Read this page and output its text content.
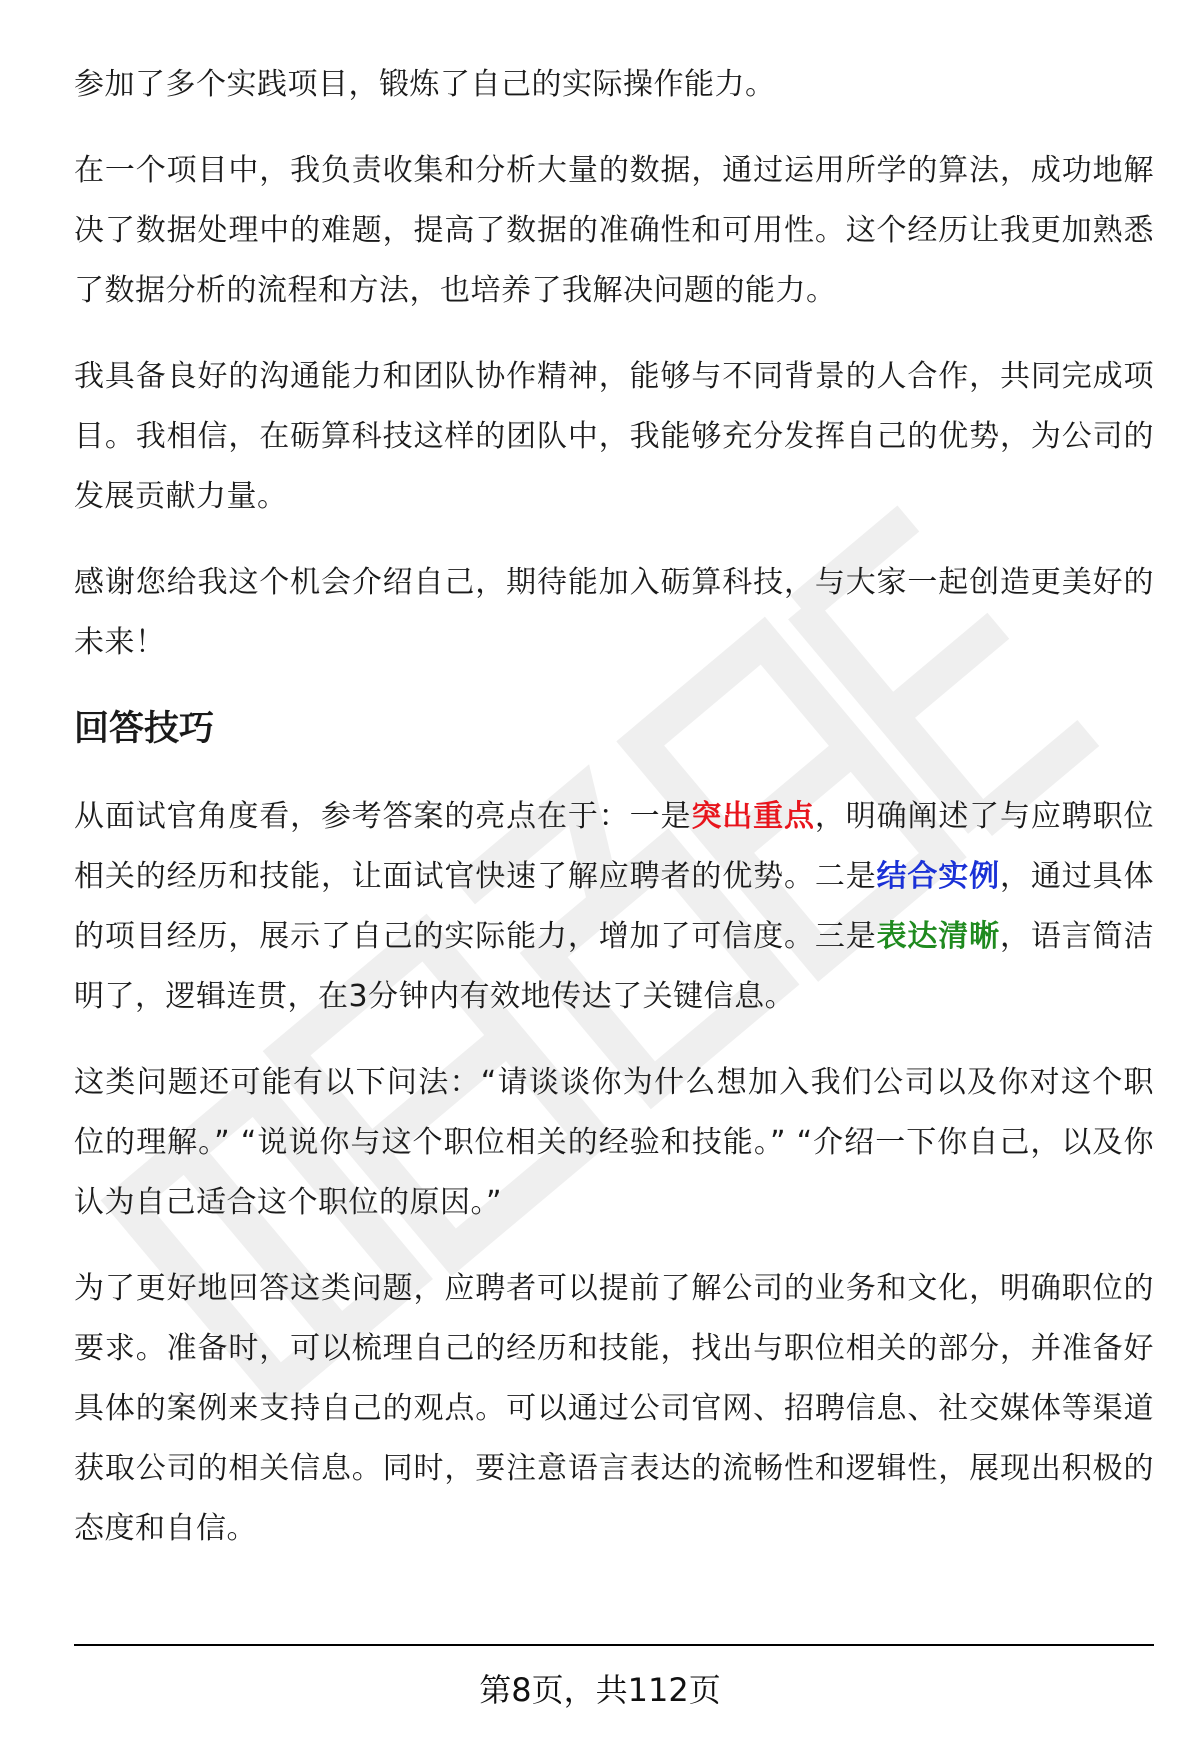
参加了多个实践项目，锻炼了自己的实际操作能力。

在一个项目中，我负责收集和分析大量的数据，通过运用所学的算法，成功地解决了数据处理中的难题，提高了数据的准确性和可用性。这个经历让我更加熟悉了数据分析的流程和方法，也培养了我解决问题的能力。

我具备良好的沟通能力和团队协作精神，能够与不同背景的人合作，共同完成项目。我相信，在砺算科技这样的团队中，我能够充分发挥自己的优势，为公司的发展贡献力量。

感谢您给我这个机会介绍自己，期待能加入砺算科技，与大家一起创造更美好的未来！

回答技巧

从面试官角度看，参考答案的亮点在于：一是突出重点，明确阐述了与应聘职位相关的经历和技能，让面试官快速了解应聘者的优势。二是结合实例，通过具体的项目经历，展示了自己的实际能力，增加了可信度。三是表达清晰，语言简洁明了，逻辑连贯，在3分钟内有效地传达了关键信息。

这类问题还可能有以下问法：“请谈谈你为什么想加入我们公司以及你对这个职位的理解。” “说说你与这个职位相关的经验和技能。” “介绍一下你自己，以及你认为自己适合这个职位的原因。”

为了更好地回答这类问题，应聘者可以提前了解公司的业务和文化，明确职位的要求。准备时，可以梳理自己的经历和技能，找出与职位相关的部分，并准备好具体的案例来支持自己的观点。可以通过公司官网、招聘信息、社交媒体等渠道获取公司的相关信息。同时，要注意语言表达的流畅性和逻辑性，展现出积极的态度和自信。

第8页，共112页
